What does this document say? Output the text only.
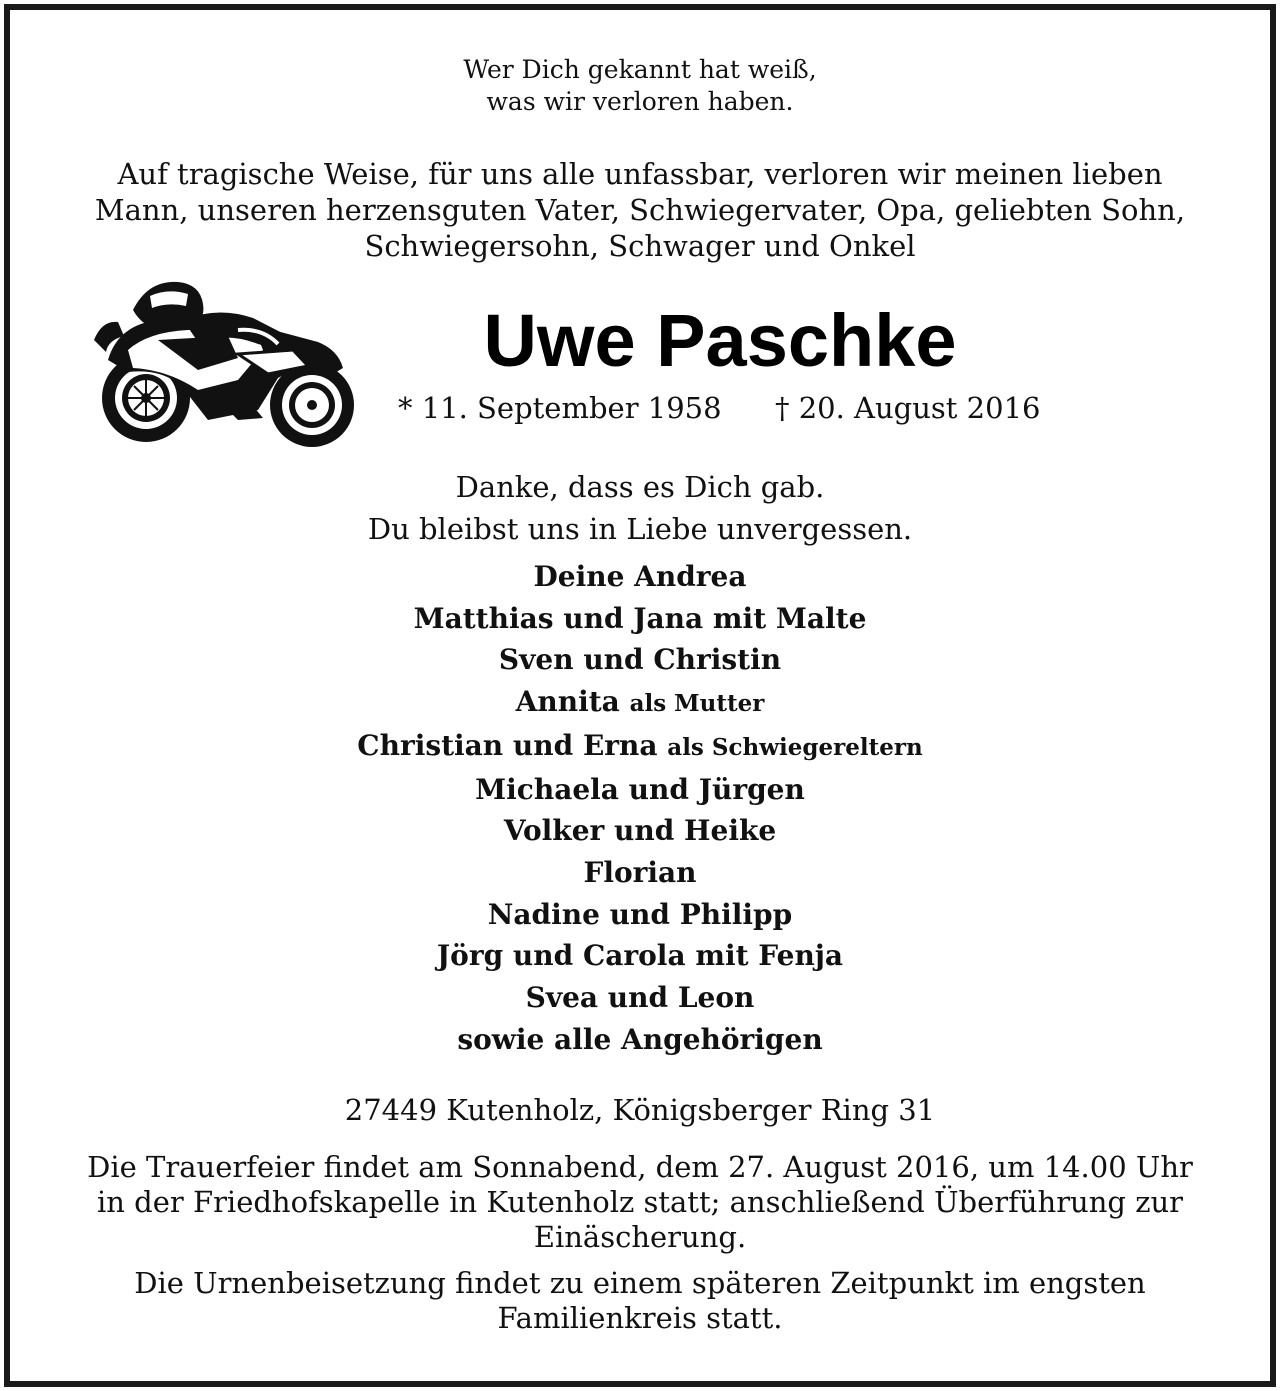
Wer Dich gekannt hat weiß,
was wir verloren haben.
Auf tragische Weise, für uns alle unfassbar, verloren wir meinen lieben
Mann, unseren herzensguten Vater, Schwiegervater, Opa, geliebten Sohn,
Schwiegersohn, Schwager und Onkel
Uwe Paschke
* 11. September 1958 † 20. August 2016
Danke, dass es Dich gab.
Du bleibst uns in Liebe unvergessen.
Deine Andrea
Matthias und Jana mit Malte
Sven und Christin
Annita als Mutter
Christian und Erna als Schwiegereltern
Michaela und Jürgen
Volker und Heike
Florian
Nadine und Philipp
Jörg und Carola mit Fenja
Svea und Leon
sowie alle Angehörigen
27449 Kutenholz, Königsberger Ring 31
Die Trauerfeier findet am Sonnabend, dem 27. August 2016, um 14.00 Uhr
in der Friedhofskapelle in Kutenholz statt; anschließend Überführung zur
Einäscherung.
Die Urnenbeisetzung findet zu einem späteren Zeitpunkt im engsten
Familienkreis statt.
